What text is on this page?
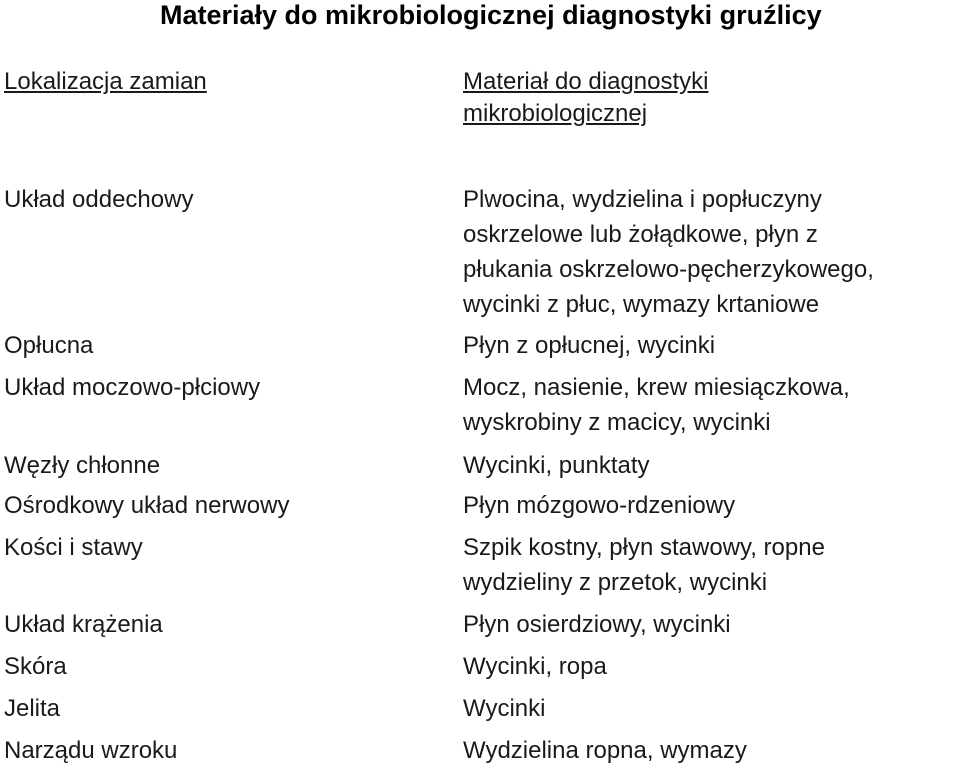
Materiały do mikrobiologicznej diagnostyki gruźlicy
Lokalizacja zamian	Materiał do diagnostyki mikrobiologicznej
Układ oddechowy
Opłucna
Układ moczowo-płciowy
Węzły chłonne
Ośrodkowy układ nerwowy
Kości i stawy
Układ krążenia
Skóra
Jelita
Narządu wzroku
Plwocina, wydzielina i popłuczyny
oskrzelowe lub żołądkowe, płyn z
płukania oskrzelowo-pęcherzykowego,
wycinki z płuc, wymazy krtaniowe
Płyn z opłucnej, wycinki
Mocz, nasienie, krew miesiączkowa,
wyskrobiny z macicy, wycinki
Wycinki, punktaty
Płyn mózgowo-rdzeniowy
Szpik kostny, płyn stawowy, ropne
wydzieliny z przetok, wycinki
Płyn osierdziowy, wycinki
Wycinki, ropa
Wycinki
Wydzielina ropna, wymazy
